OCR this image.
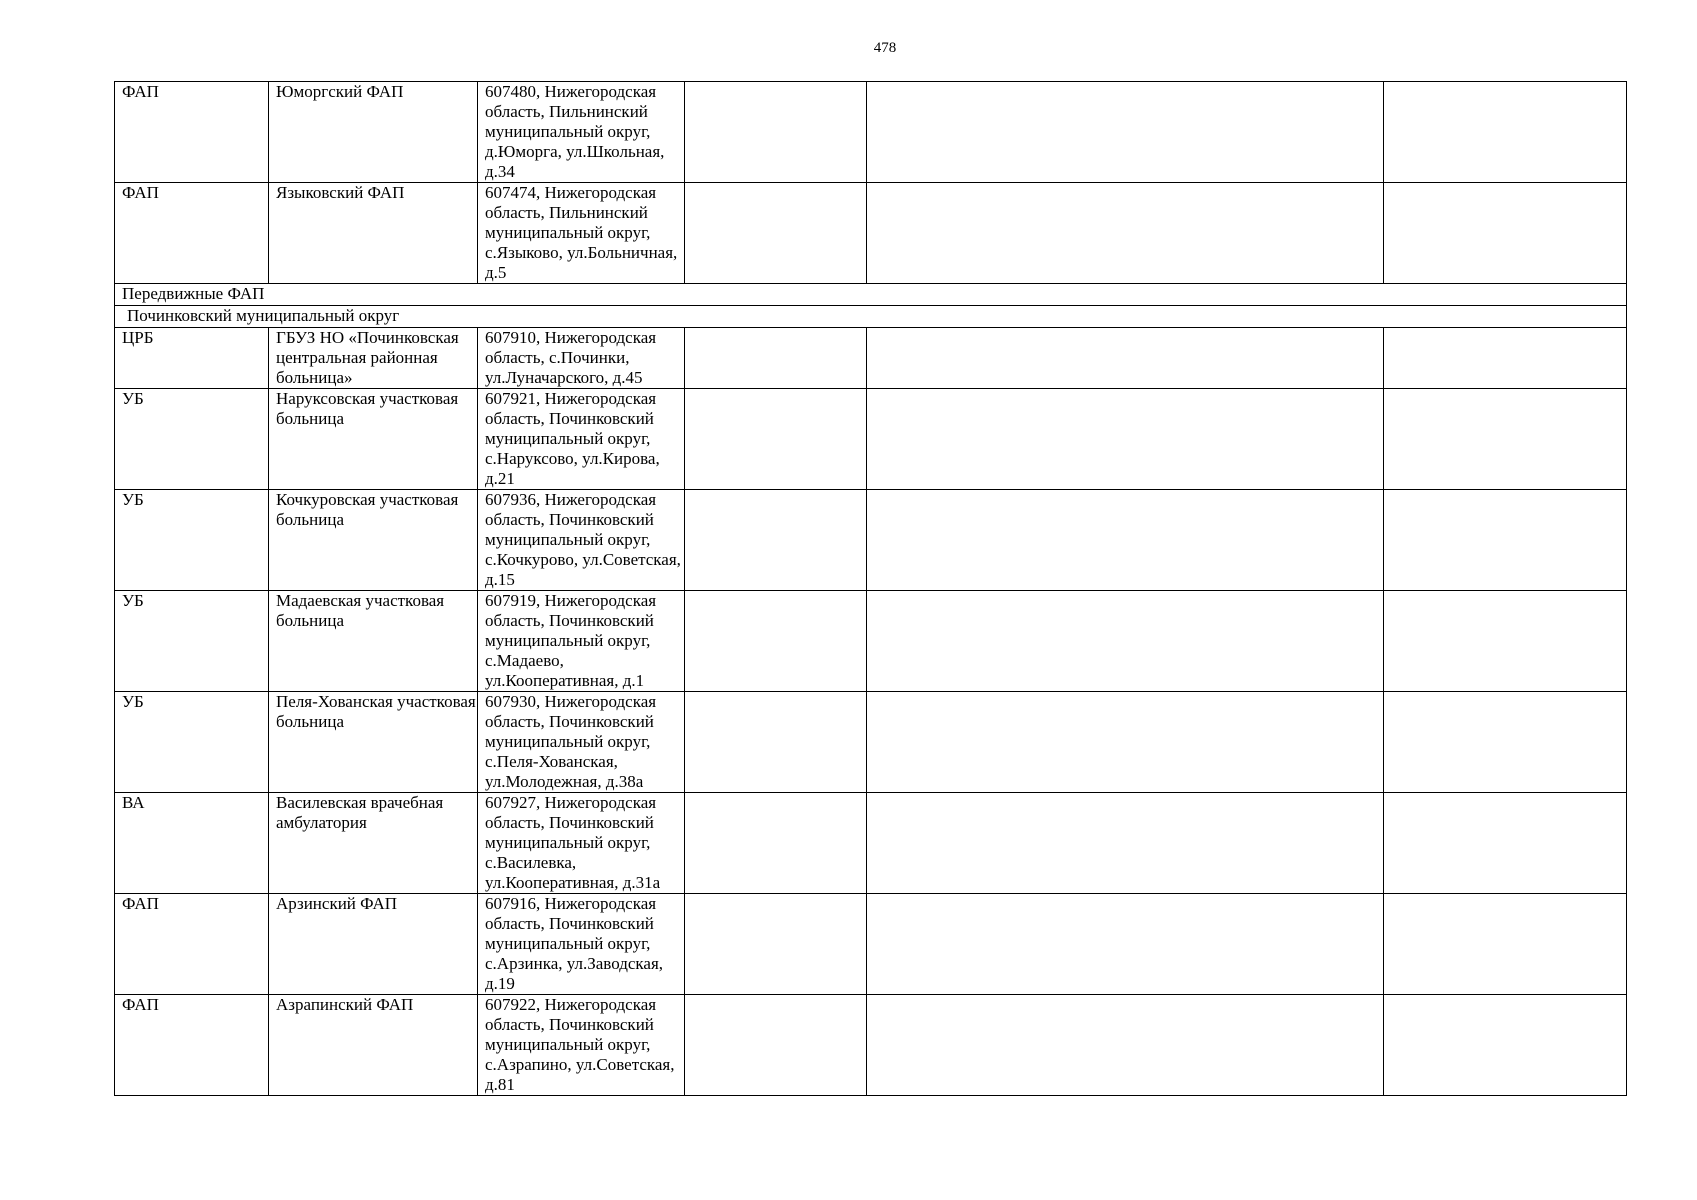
478
ФАП	Юморгский ФАП	607480, Нижегородская область, Пильнинский муниципальный округ, д.Юморга, ул.Школьная, д.34			
ФАП	Языковский ФАП	607474, Нижегородская область, Пильнинский муниципальный округ, с.Языково, ул.Больничная, д.5			
Передвижные ФАП					
Починковский муниципальный округ					
ЦРБ	ГБУЗ НО «Починковская центральная районная больница»	607910, Нижегородская область, с.Починки, ул.Луначарского, д.45			
УБ	Наруксовская участковая больница	607921, Нижегородская область, Починковский муниципальный округ, с.Наруксово, ул.Кирова, д.21			
УБ	Кочкуровская участковая больница	607936, Нижегородская область, Починковский муниципальный округ, с.Кочкурово, ул.Советская, д.15			
УБ	Мадаевская участковая больница	607919, Нижегородская область, Починковский муниципальный округ, с.Мадаево, ул.Кооперативная, д.1			
УБ	Пеля-Хованская участковая больница	607930, Нижегородская область, Починковский муниципальный округ, с.Пеля-Хованская, ул.Молодежная, д.38а			
ВА	Василевская врачебная амбулатория	607927, Нижегородская область, Починковский муниципальный округ, с.Василевка, ул.Кооперативная, д.31а			
ФАП	Арзинский ФАП	607916, Нижегородская область, Починковский муниципальный округ, с.Арзинка, ул.Заводская, д.19			
ФАП	Азрапинский ФАП	607922, Нижегородская область, Починковский муниципальный округ, с.Азрапино, ул.Советская, д.81			
